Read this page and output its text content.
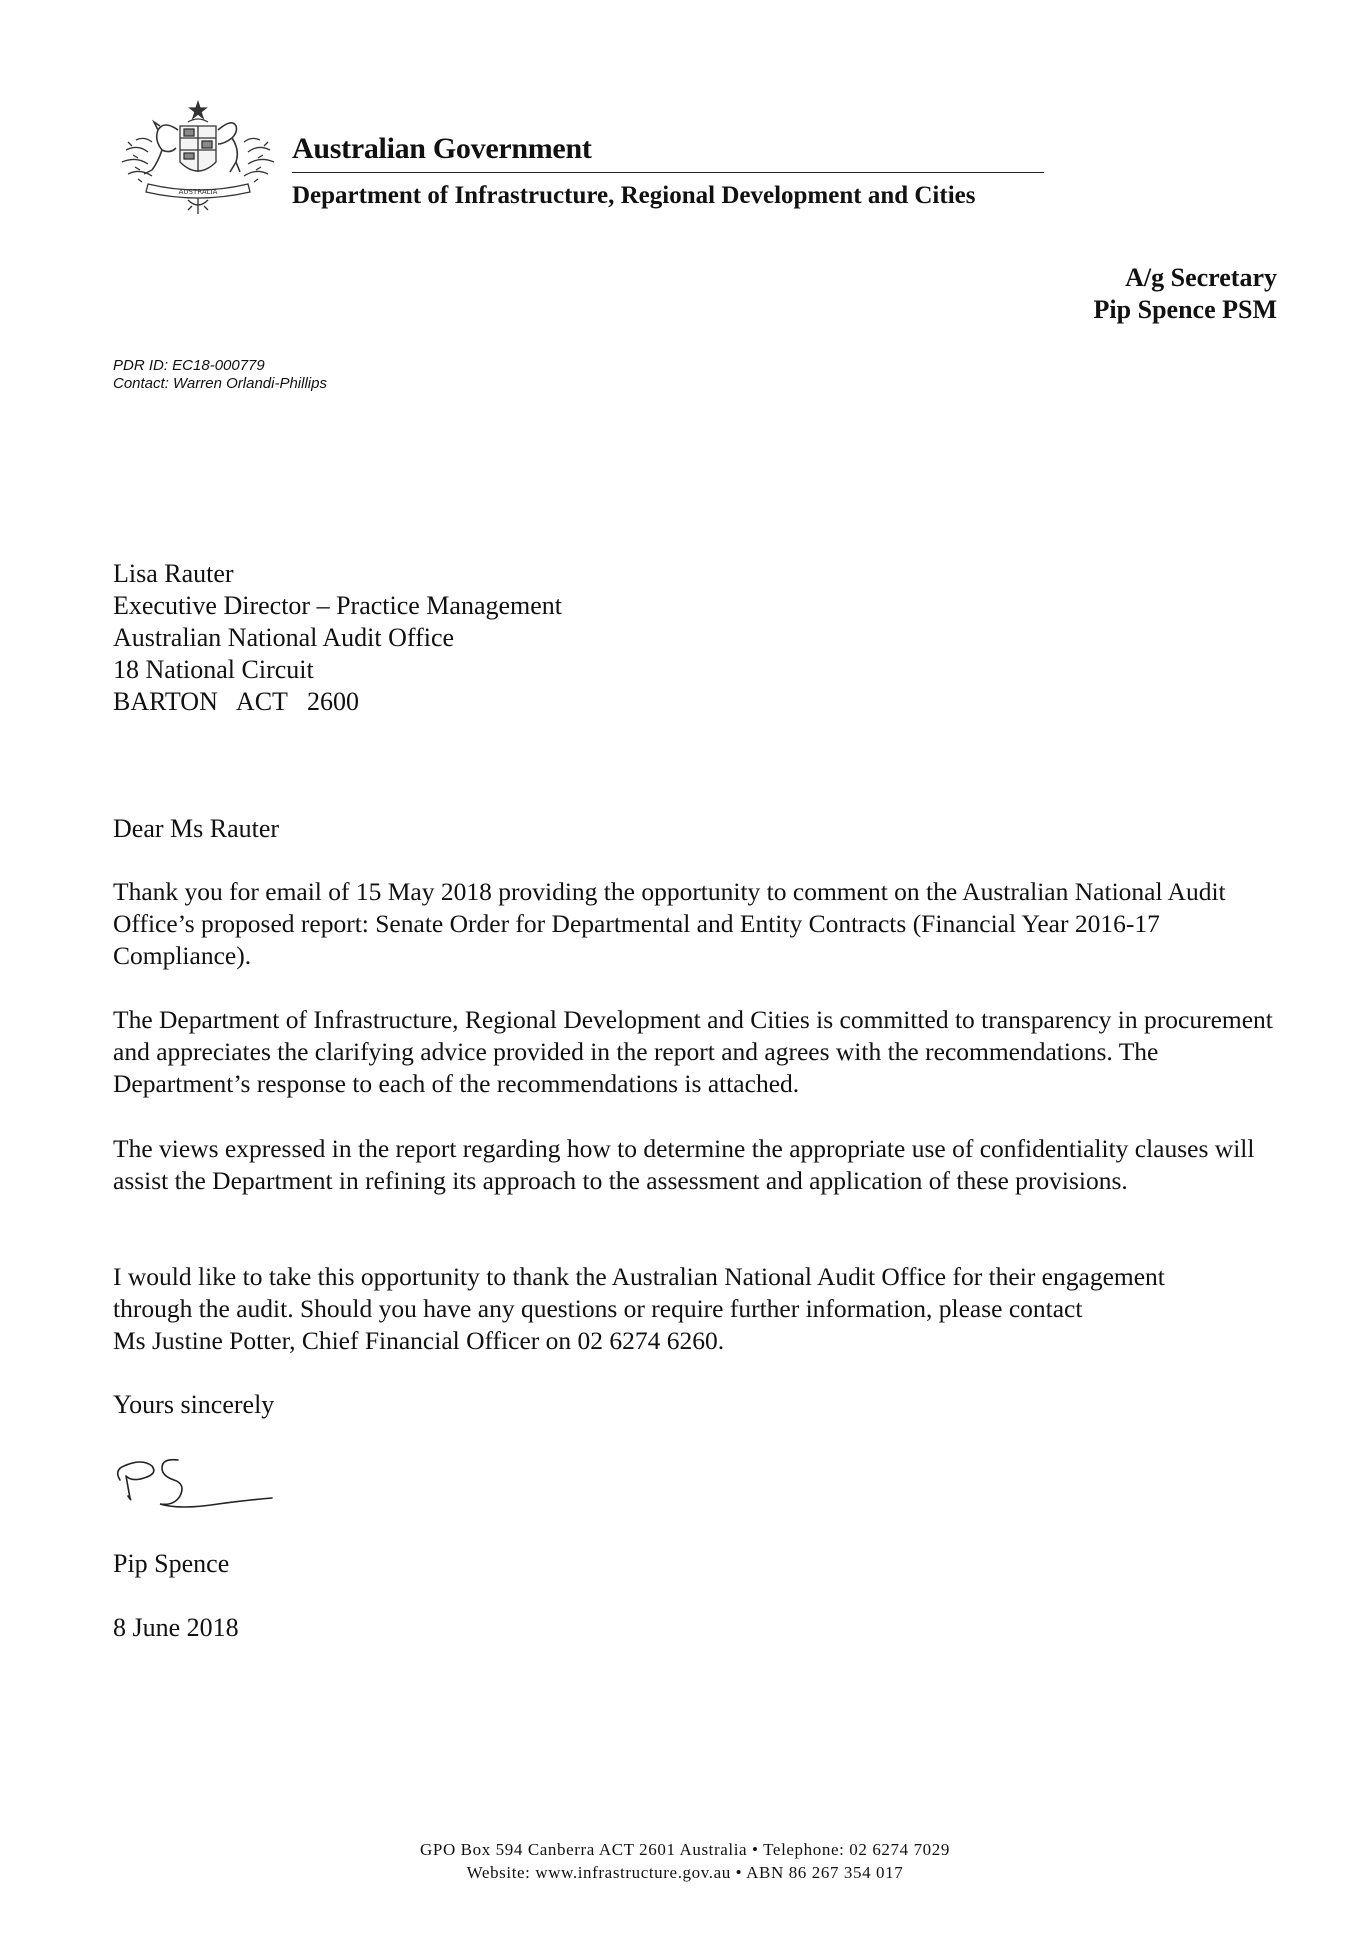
AUSTRALIA
Australian Government
Department of Infrastructure, Regional Development and Cities
A/g Secretary
Pip Spence PSM
PDR ID: EC18-000779
Contact: Warren Orlandi-Phillips
Lisa Rauter
Executive Director – Practice Management
Australian National Audit Office
18 National Circuit
BARTON   ACT   2600
Dear Ms Rauter
Thank you for email of 15 May 2018 providing the opportunity to comment on the Australian National Audit Office’s proposed report: Senate Order for Departmental and Entity Contracts (Financial Year 2016-17 Compliance).
The Department of Infrastructure, Regional Development and Cities is committed to transparency in procurement and appreciates the clarifying advice provided in the report and agrees with the recommendations. The Department’s response to each of the recommendations is attached.
The views expressed in the report regarding how to determine the appropriate use of confidentiality clauses will assist the Department in refining its approach to the assessment and application of these provisions.
I would like to take this opportunity to thank the Australian National Audit Office for their engagement
through the audit. Should you have any questions or require further information, please contact
Ms Justine Potter, Chief Financial Officer on 02 6274 6260.
Yours sincerely
Pip Spence
8 June 2018
GPO Box 594 Canberra ACT 2601 Australia • Telephone: 02 6274 7029
Website: www.infrastructure.gov.au • ABN 86 267 354 017
